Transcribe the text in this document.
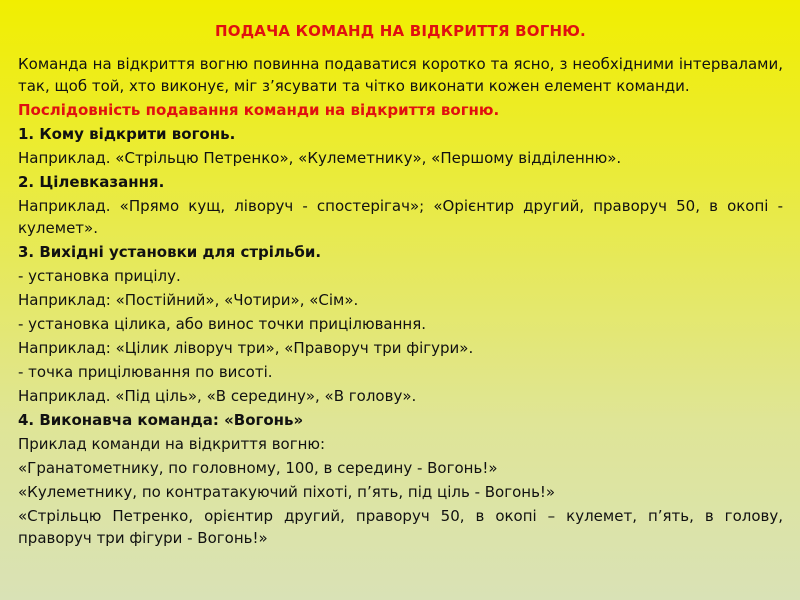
ПОДАЧА КОМАНД НА ВІДКРИТТЯ ВОГНЮ.
Команда на відкриття вогню повинна подаватися коротко та ясно, з необхідними інтервалами, так, щоб той, хто виконує, міг з’ясувати та чітко виконати кожен елемент команди.
Послідовність подавання команди на відкриття вогню.
1. Кому відкрити вогонь.
Наприклад. «Стрільцю Петренко», «Кулеметнику», «Першому відділенню».
2. Цілевказання.
Наприклад. «Прямо кущ, ліворуч - спостерігач»; «Орієнтир другий, праворуч 50, в окопі - кулемет».
3. Вихідні установки для стрільби.
- установка прицілу.
Наприклад: «Постійний», «Чотири», «Сім».
- установка цілика, або винос точки прицілювання.
Наприклад: «Цілик ліворуч три», «Праворуч три фігури».
- точка прицілювання по висоті.
Наприклад. «Під ціль», «В середину», «В голову».
4. Виконавча команда: «Вогонь»
Приклад команди на відкриття вогню:
«Гранатометнику, по головному, 100, в середину - Вогонь!»
«Кулеметнику, по контратакуючий піхоті, п’ять, під ціль - Вогонь!»
«Стрільцю Петренко, орієнтир другий, праворуч 50, в окопі – кулемет, п’ять, в голову, праворуч три фігури - Вогонь!»
